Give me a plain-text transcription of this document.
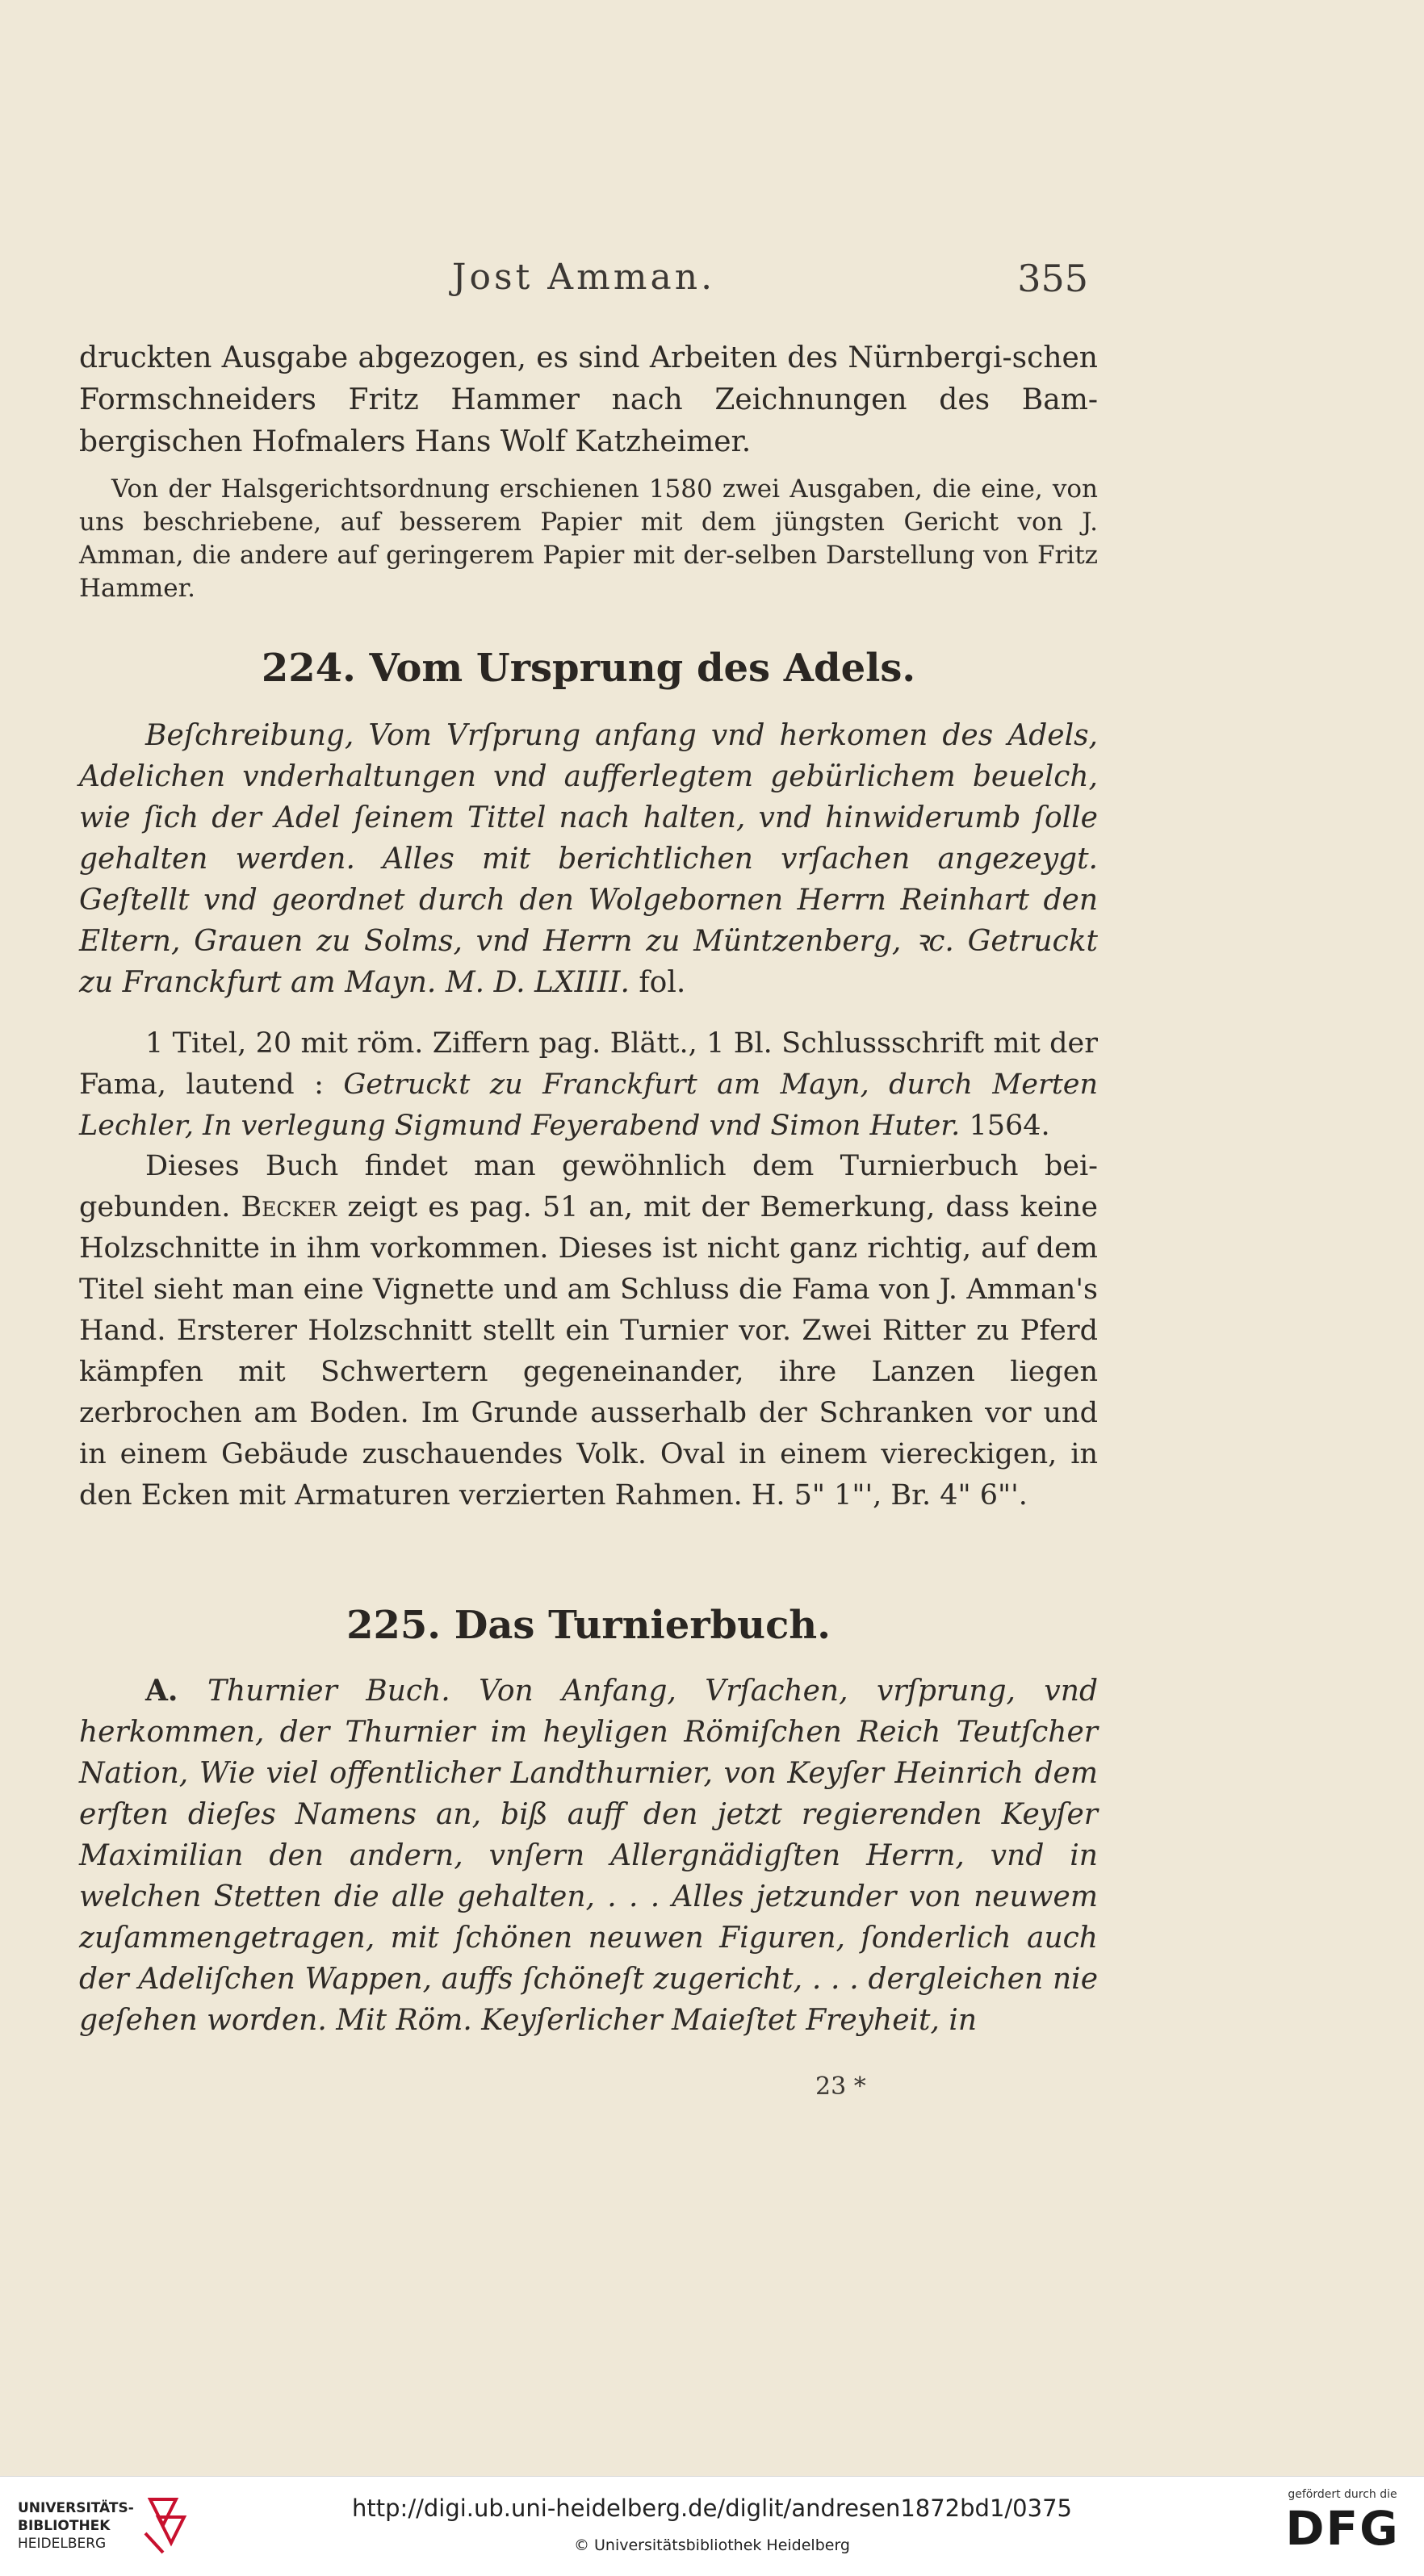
Jost Amman.	355
druckten Ausgabe abgezogen, es sind Arbeiten des Nürnbergi-schen Formschneiders Fritz Hammer nach Zeichnungen des Bam-bergischen Hofmalers Hans Wolf Katzheimer.
Von der Halsgerichtsordnung erschienen 1580 zwei Ausgaben, die eine, von uns beschriebene, auf besserem Papier mit dem jüngsten Gericht von J. Amman, die andere auf geringerem Papier mit der-selben Darstellung von Fritz Hammer.
224. Vom Ursprung des Adels.
Beſchreibung, Vom Vrſprung anfang vnd herkomen des Adels, Adelichen vnderhaltungen vnd aufferlegtem gebürlichem beuelch, wie ſich der Adel ſeinem Tittel nach halten, vnd hinwiderumb ſolle gehalten werden. Alles mit berichtlichen vrſachen angezeygt. Geſtellt vnd geordnet durch den Wolgebornen Herrn Reinhart den Eltern, Grauen zu Solms, vnd Herrn zu Müntzenberg, ꝛc. Getruckt zu Franckfurt am Mayn. M. D. LXIIII. fol.
1 Titel, 20 mit röm. Ziffern pag. Blätt., 1 Bl. Schlussschrift mit der Fama, lautend : Getruckt zu Franckfurt am Mayn, durch Merten Lechler, In verlegung Sigmund Feyerabend vnd Simon Huter. 1564.
Dieses Buch findet man gewöhnlich dem Turnierbuch bei-gebunden. Becker zeigt es pag. 51 an, mit der Bemerkung, dass keine Holzschnitte in ihm vorkommen. Dieses ist nicht ganz richtig, auf dem Titel sieht man eine Vignette und am Schluss die Fama von J. Amman's Hand. Ersterer Holzschnitt stellt ein Turnier vor. Zwei Ritter zu Pferd kämpfen mit Schwertern gegeneinander, ihre Lanzen liegen zerbrochen am Boden. Im Grunde ausserhalb der Schranken vor und in einem Gebäude zuschauendes Volk. Oval in einem viereckigen, in den Ecken mit Armaturen verzierten Rahmen. H. 5" 1"', Br. 4" 6"'.
225. Das Turnierbuch.
A. Thurnier Buch. Von Anfang, Vrſachen, vrſprung, vnd herkommen, der Thurnier im heyligen Römiſchen Reich Teutſcher Nation, Wie viel offentlicher Landthurnier, von Keyſer Heinrich dem erſten dieſes Namens an, biß auff den jetzt regierenden Keyſer Maximilian den andern, vnſern Allergnädigſten Herrn, vnd in welchen Stetten die alle gehalten, . . . Alles jetzunder von neuwem zuſammengetragen, mit ſchönen neuwen Figuren, ſonderlich auch der Adeliſchen Wappen, auffs ſchöneſt zugericht, . . . dergleichen nie geſehen worden. Mit Röm. Keyſerlicher Maieſtet Freyheit, in
23 *
UNIVERSITÄTS-
BIBLIOTHEK
HEIDELBERG
http://digi.ub.uni-heidelberg.de/diglit/andresen1872bd1/0375
© Universitätsbibliothek Heidelberg
gefördert durch die
DFG
